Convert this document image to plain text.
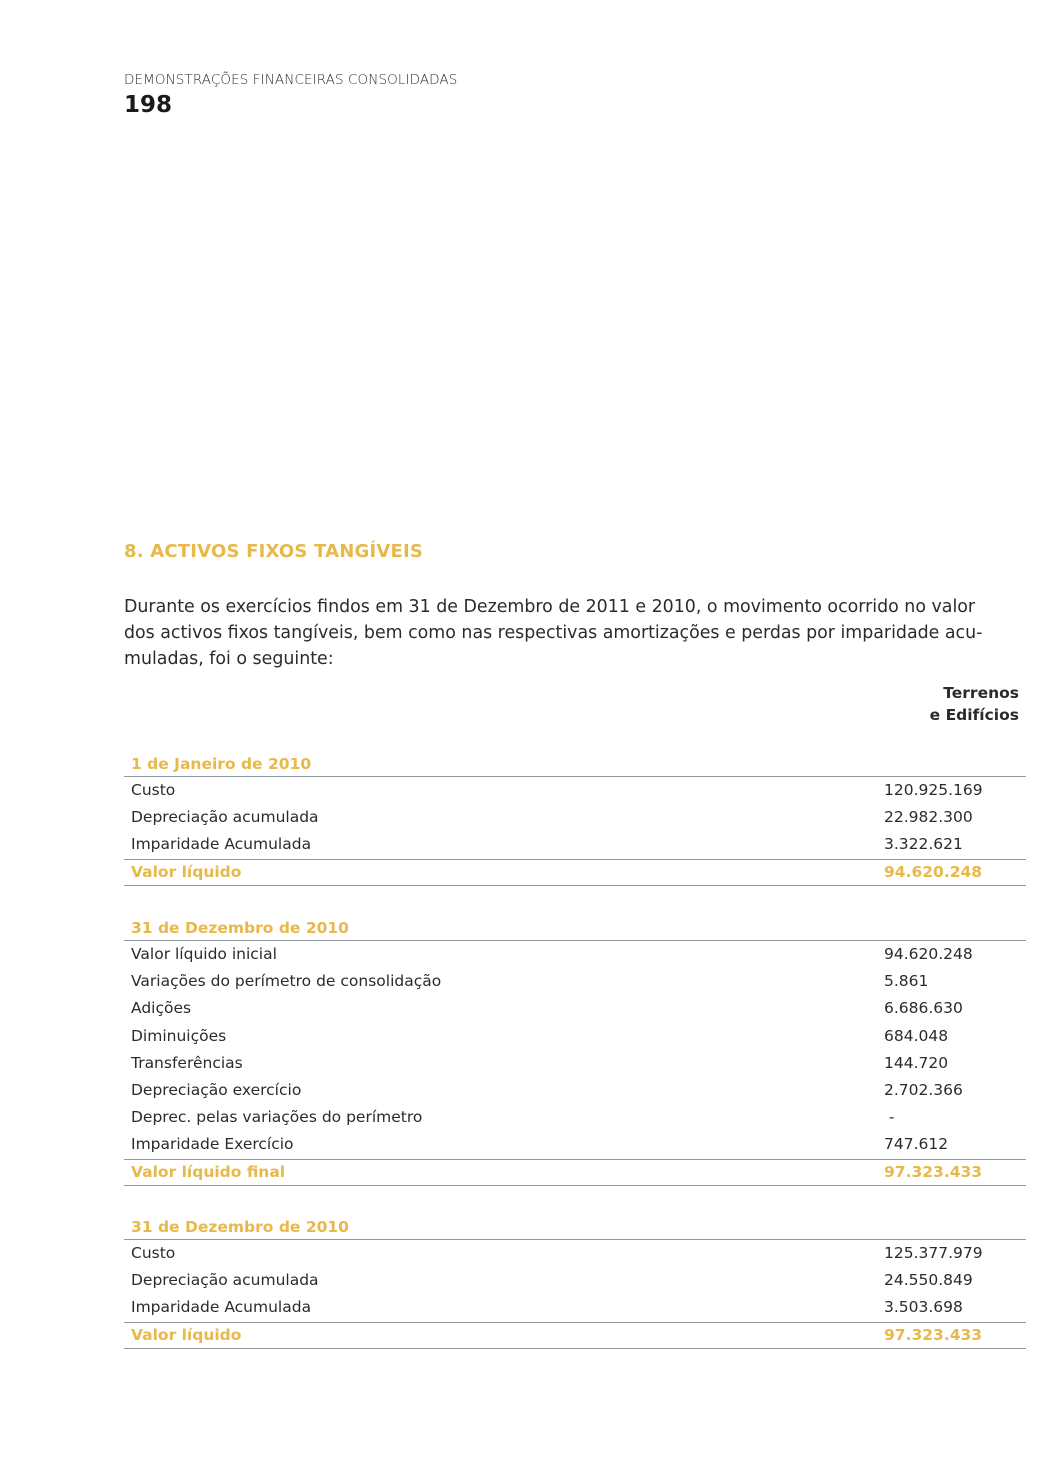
DEMONSTRAÇÕES FINANCEIRAS CONSOLIDADAS
198
8. ACTIVOS FIXOS TANGÍVEIS
Durante os exercícios findos em 31 de Dezembro de 2011 e 2010, o movimento ocorrido no valor dos activos fixos tangíveis, bem como nas respectivas amortizações e perdas por imparidade acu-muladas, foi o seguinte:
Terrenos
e Edifícios
1 de Janeiro de 2010
Custo	120.925.169
Depreciação acumulada	22.982.300
Imparidade Acumulada	3.322.621
Valor líquido	94.620.248
31 de Dezembro de 2010
Valor líquido inicial	94.620.248
Variações do perímetro de consolidação	5.861
Adições	6.686.630
Diminuições	684.048
Transferências	144.720
Depreciação exercício	2.702.366
Deprec. pelas variações do perímetro	-
Imparidade Exercício	747.612
Valor líquido final	97.323.433
31 de Dezembro de 2010
Custo	125.377.979
Depreciação acumulada	24.550.849
Imparidade Acumulada	3.503.698
Valor líquido	97.323.433
